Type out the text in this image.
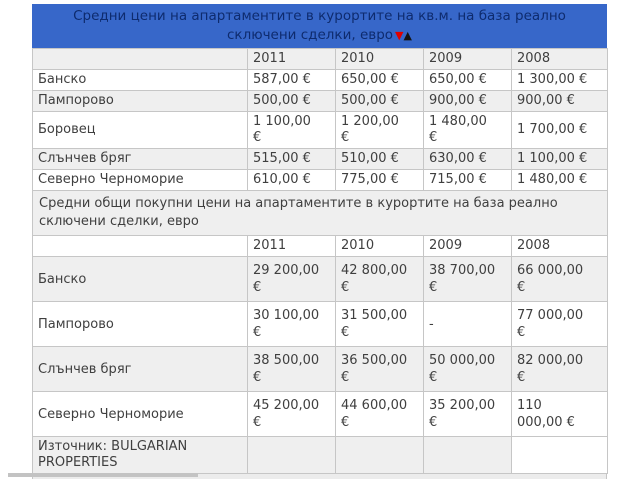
Средни цени на апартаментите в курортите на кв.м. на база реално сключени сделки, евро ▼▲
	2011	2010	2009	2008
Банско	587,00 €	650,00 €	650,00 €	1 300,00 €
Пампорово	500,00 €	500,00 €	900,00 €	900,00 €
Боровец	1 100,00 €	1 200,00 €	1 480,00 €	1 700,00 €
Слънчев бряг	515,00 €	510,00 €	630,00 €	1 100,00 €
Северно Черноморие	610,00 €	775,00 €	715,00 €	1 480,00 €
Средни общи покупни цени на апартаментите в курортите на база реално сключени сделки, евро				
	2011	2010	2009	2008
Банско	29 200,00 €	42 800,00 €	38 700,00 €	66 000,00 €
Пампорово	30 100,00 €	31 500,00 €	-	77 000,00 €
Слънчев бряг	38 500,00 €	36 500,00 €	50 000,00 €	82 000,00 €
Северно Черноморие	45 200,00 €	44 600,00 €	35 200,00 €	110 000,00 €
Източник: BULGARIAN PROPERTIES				
